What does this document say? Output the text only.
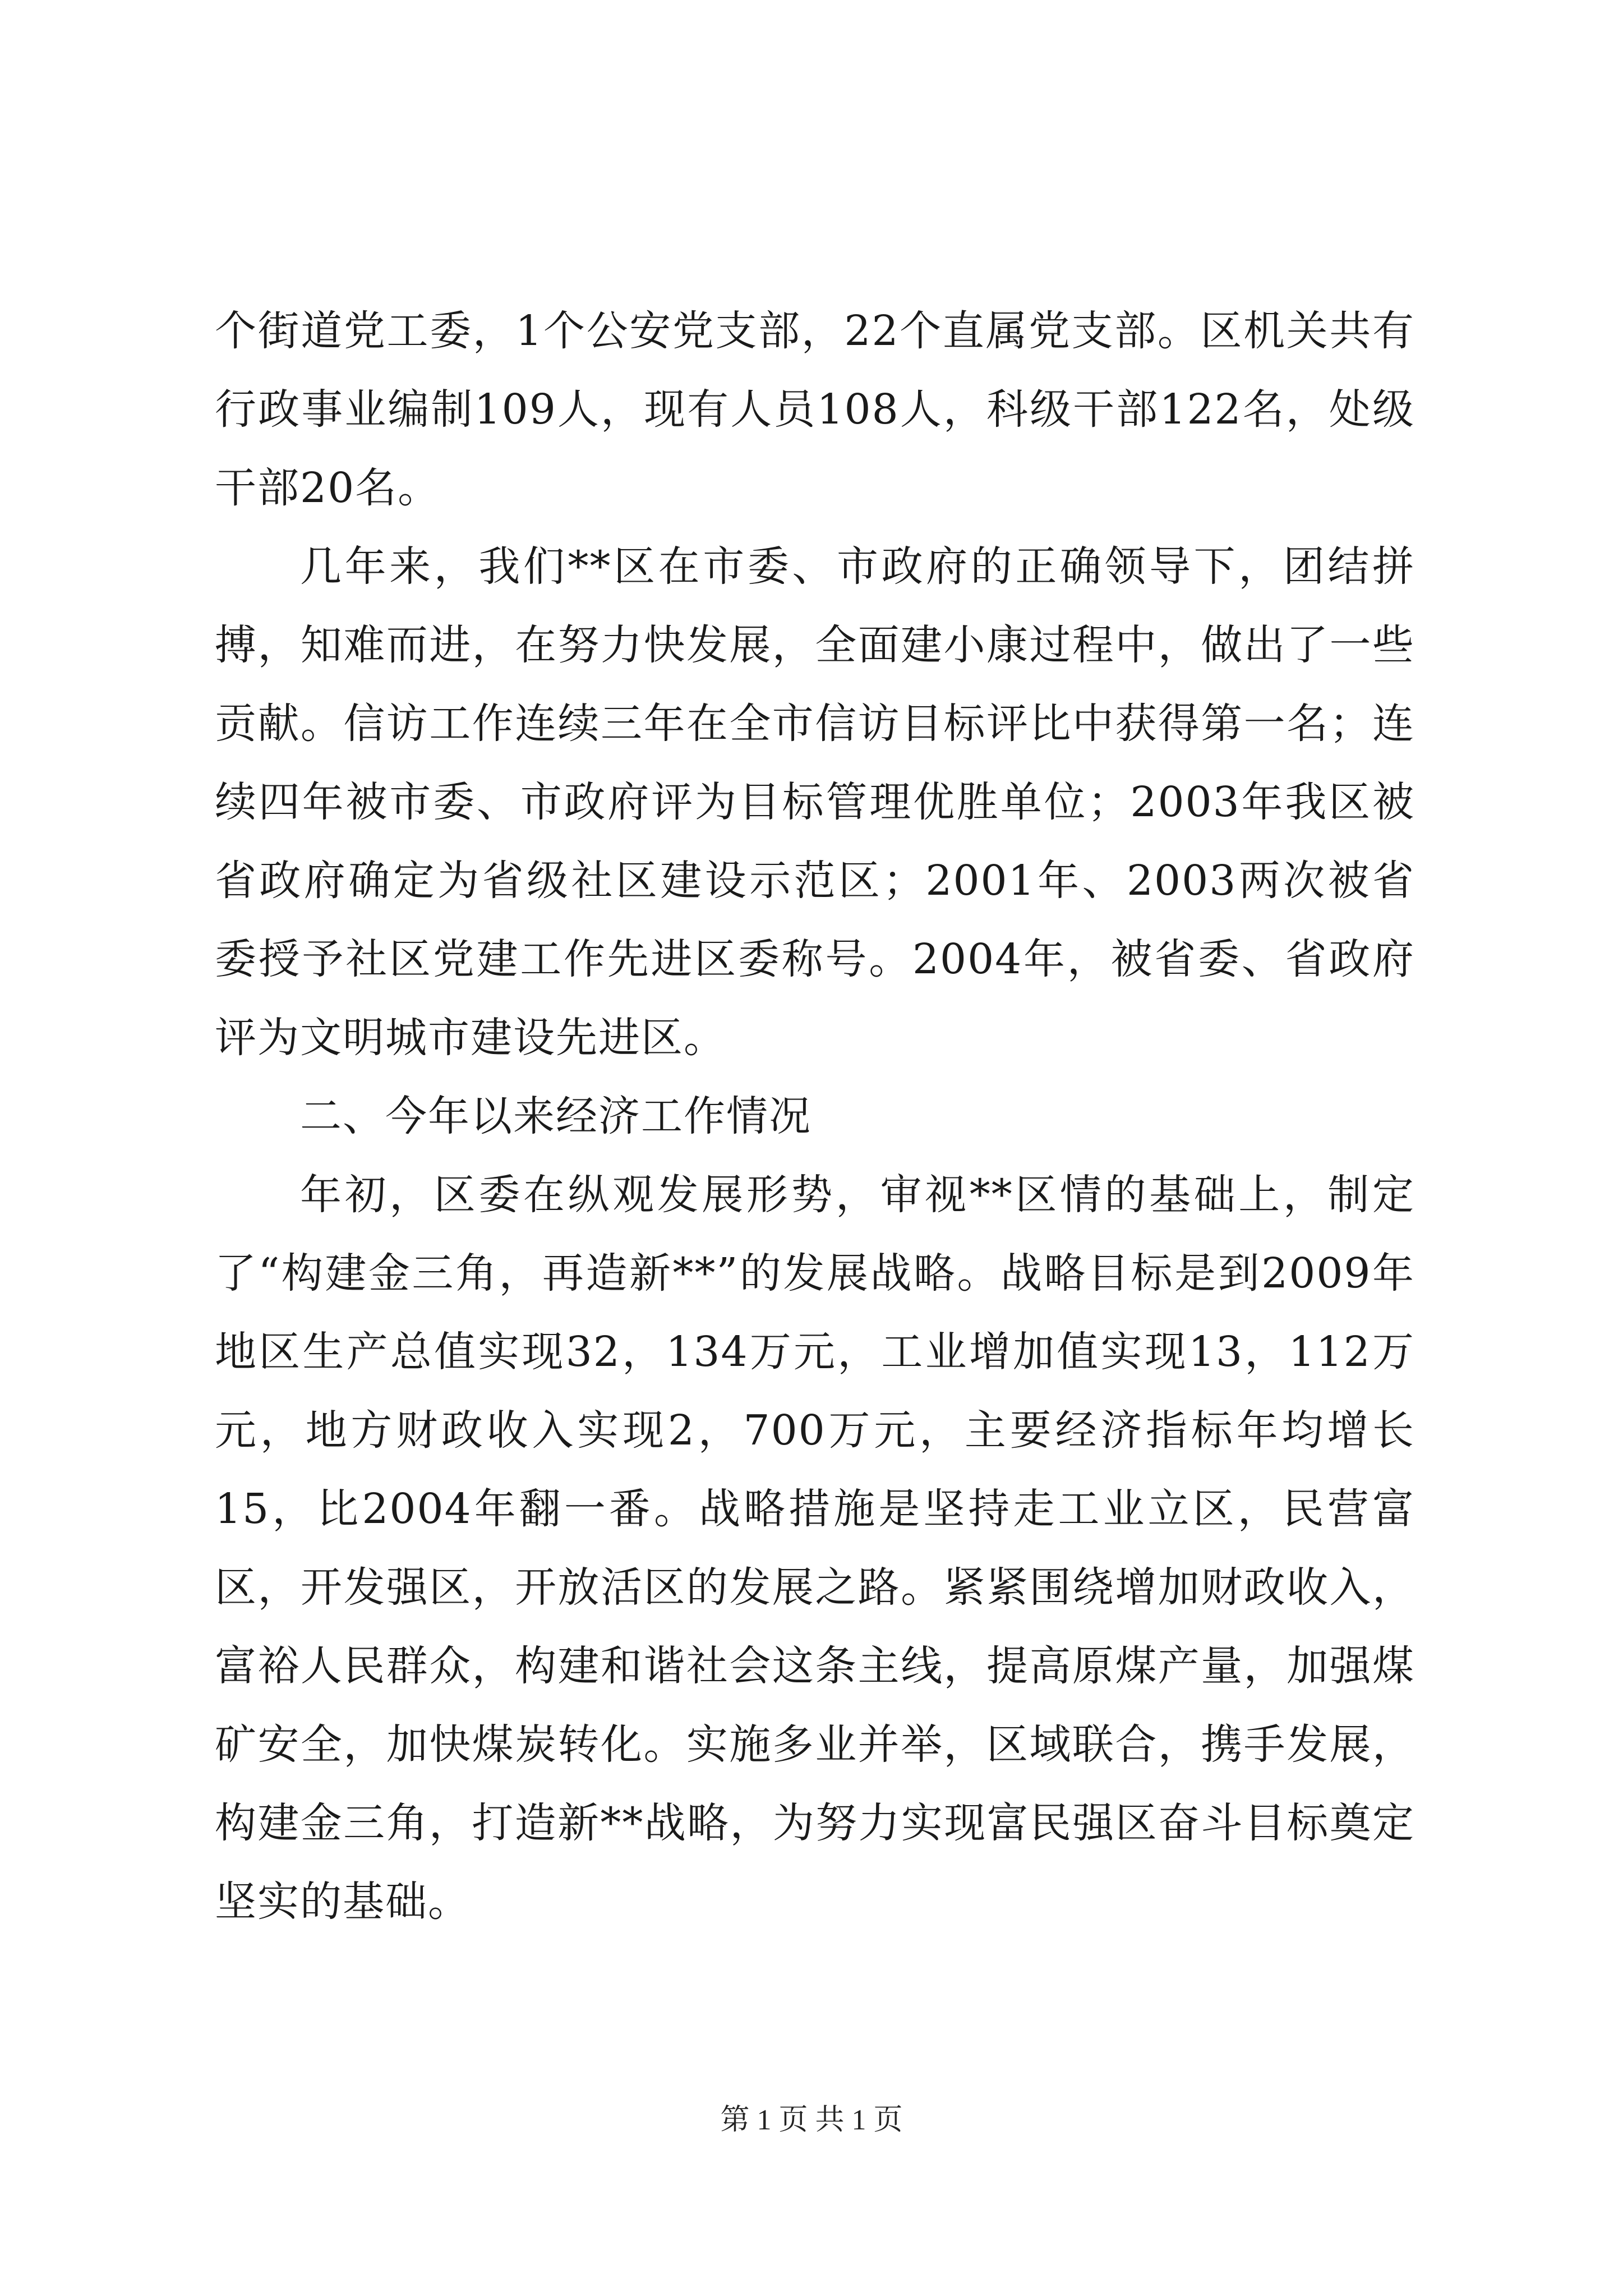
个街道党工委，1个公安党支部，22个直属党支部。区机关共有行政事业编制109人，现有人员108人，科级干部122名，处级干部20名。

几年来，我们**区在市委、市政府的正确领导下，团结拼搏，知难而进，在努力快发展，全面建小康过程中，做出了一些贡献。信访工作连续三年在全市信访目标评比中获得第一名；连续四年被市委、市政府评为目标管理优胜单位；2003年我区被省政府确定为省级社区建设示范区；2001年、2003两次被省委授予社区党建工作先进区委称号。2004年，被省委、省政府评为文明城市建设先进区。

二、今年以来经济工作情况

年初，区委在纵观发展形势，审视**区情的基础上，制定了“构建金三角，再造新**”的发展战略。战略目标是到2009年地区生产总值实现32，134万元，工业增加值实现13，112万元，地方财政收入实现2，700万元，主要经济指标年均增长15，比2004年翻一番。战略措施是坚持走工业立区，民营富区，开发强区，开放活区的发展之路。紧紧围绕增加财政收入，富裕人民群众，构建和谐社会这条主线，提高原煤产量，加强煤矿安全，加快煤炭转化。实施多业并举，区域联合，携手发展，构建金三角，打造新**战略，为努力实现富民强区奋斗目标奠定坚实的基础。

第 1 页 共 1 页
